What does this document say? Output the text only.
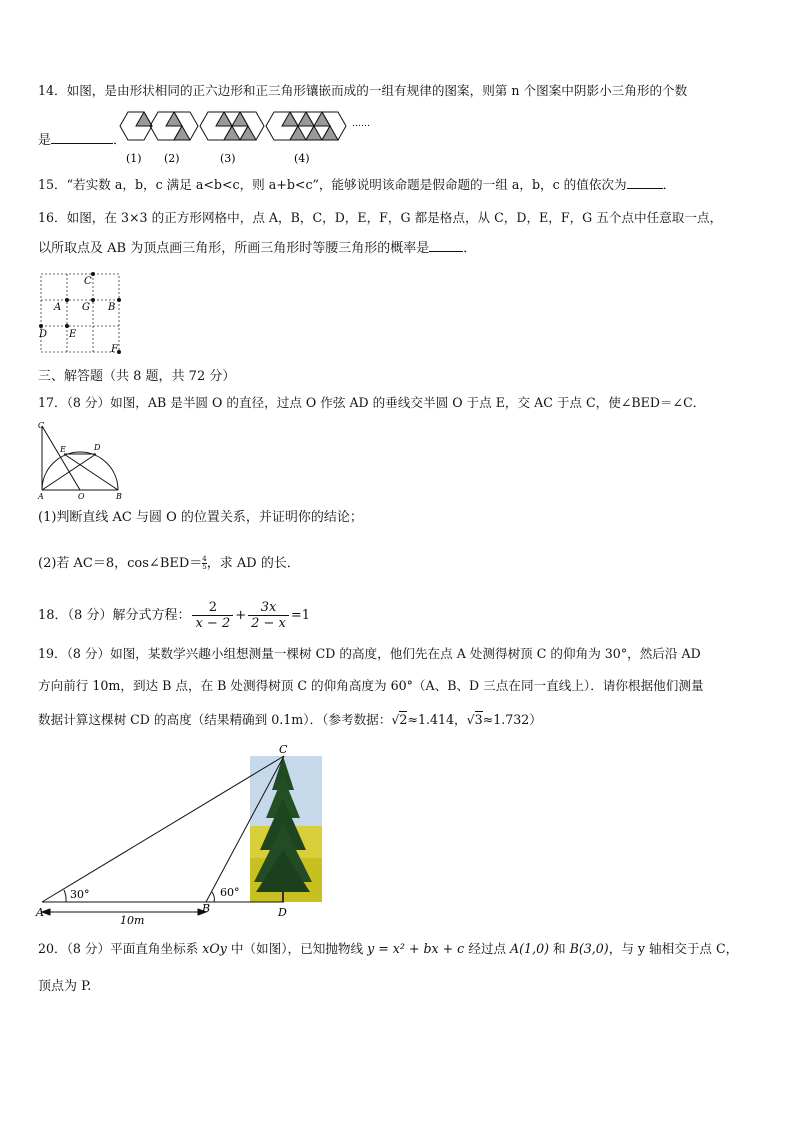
14．如图，是由形状相同的正六边形和正三角形镶嵌而成的一组有规律的图案，则第 n 个图案中阴影小三角形的个数
是	．
……
(1) (2)	(3)	(4)
15．“若实数 a，b，c 满足 a<b<c，则 a+b<c”，能够说明该命题是假命题的一组 a，b，c 的值依次为	．
16．如图，在 3×3 的正方形网格中，点 A，B，C，D，E，F，G 都是格点，从 C，D，E，F，G 五个点中任意取一点，
以所取点及 AB 为顶点画三角形，所画三角形时等腰三角形的概率是	．
C
A G B
D E
F
三、解答题（共 8 题，共 72 分）
17．（8 分）如图，AB 是半圆 O 的直径，过点 O 作弦 AD 的垂线交半圆 O 于点 E，交 AC 于点 C，使∠BED＝∠C．
C
E	D
A	O	B
(1)判断直线 AC 与圆 O 的位置关系，并证明你的结论；
(2)若 AC＝8，cos∠BED＝ $\frac{4}{5}$，求 AD 的长．
18．（8 分）解分式方程： $\frac{2}{x - 2} + \frac{3x}{2 - x} =1$
19．（8 分）如图，某数学兴趣小组想测量一棵树 CD 的高度，他们先在点 A 处测得树顶 C 的仰角为 30°，然后沿 AD
方向前行 10m，到达 B 点，在 B 处测得树顶 C 的仰角高度为 60°（A、B、D 三点在同一直线上）．请你根据他们测量
数据计算这棵树 CD 的高度（结果精确到 0.1m）．（参考数据：√2≈1.414，√3≈1.732）
C
A	B	D
30°	60°
10m
20．（8 分）平面直角坐标系 xOy 中（如图），已知抛物线 y = x² + bx + c 经过点 A(1,0) 和 B(3,0)，与 y 轴相交于点 C，
顶点为 P.
